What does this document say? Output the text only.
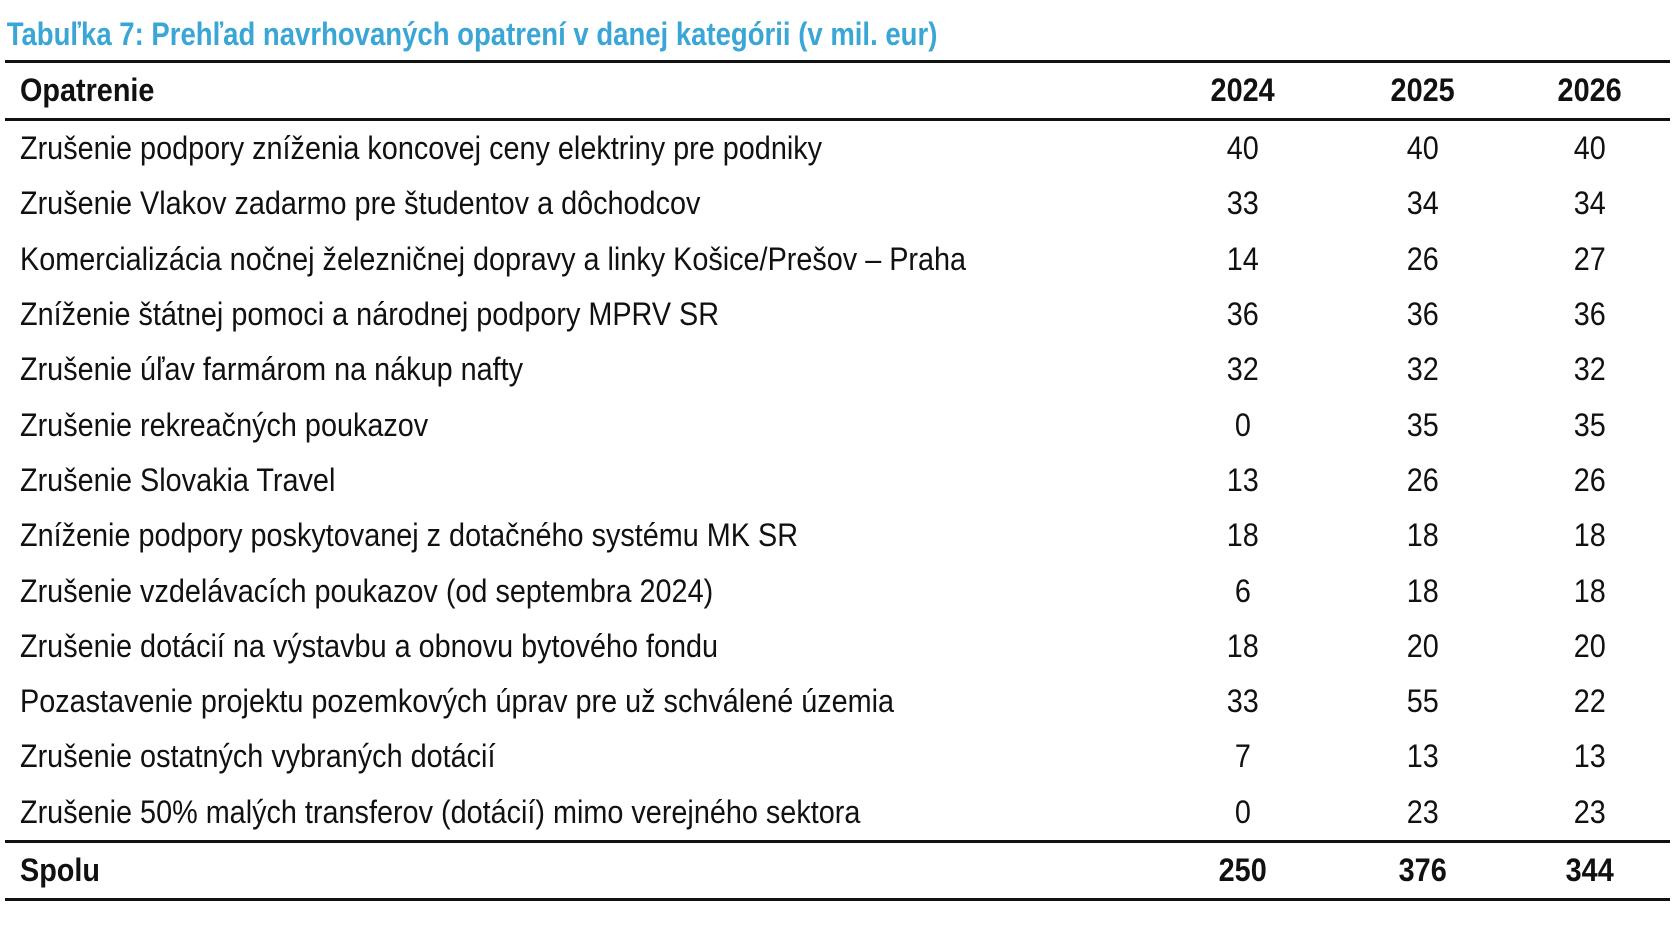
Tabuľka 7: Prehľad navrhovaných opatrení v danej kategórii (v mil. eur)
Opatrenie	2024	2025	2026
Zrušenie podpory zníženia koncovej ceny elektriny pre podniky	40	40	40
Zrušenie Vlakov zadarmo pre študentov a dôchodcov	33	34	34
Komercializácia nočnej železničnej dopravy a linky Košice/Prešov – Praha	14	26	27
Zníženie štátnej pomoci a národnej podpory MPRV SR	36	36	36
Zrušenie úľav farmárom na nákup nafty	32	32	32
Zrušenie rekreačných poukazov	0	35	35
Zrušenie Slovakia Travel	13	26	26
Zníženie podpory poskytovanej z dotačného systému MK SR	18	18	18
Zrušenie vzdelávacích poukazov (od septembra 2024)	6	18	18
Zrušenie dotácií na výstavbu a obnovu bytového fondu	18	20	20
Pozastavenie projektu pozemkových úprav pre už schválené územia	33	55	22
Zrušenie ostatných vybraných dotácií	7	13	13
Zrušenie 50% malých transferov (dotácií) mimo verejného sektora	0	23	23
Spolu	250	376	344
